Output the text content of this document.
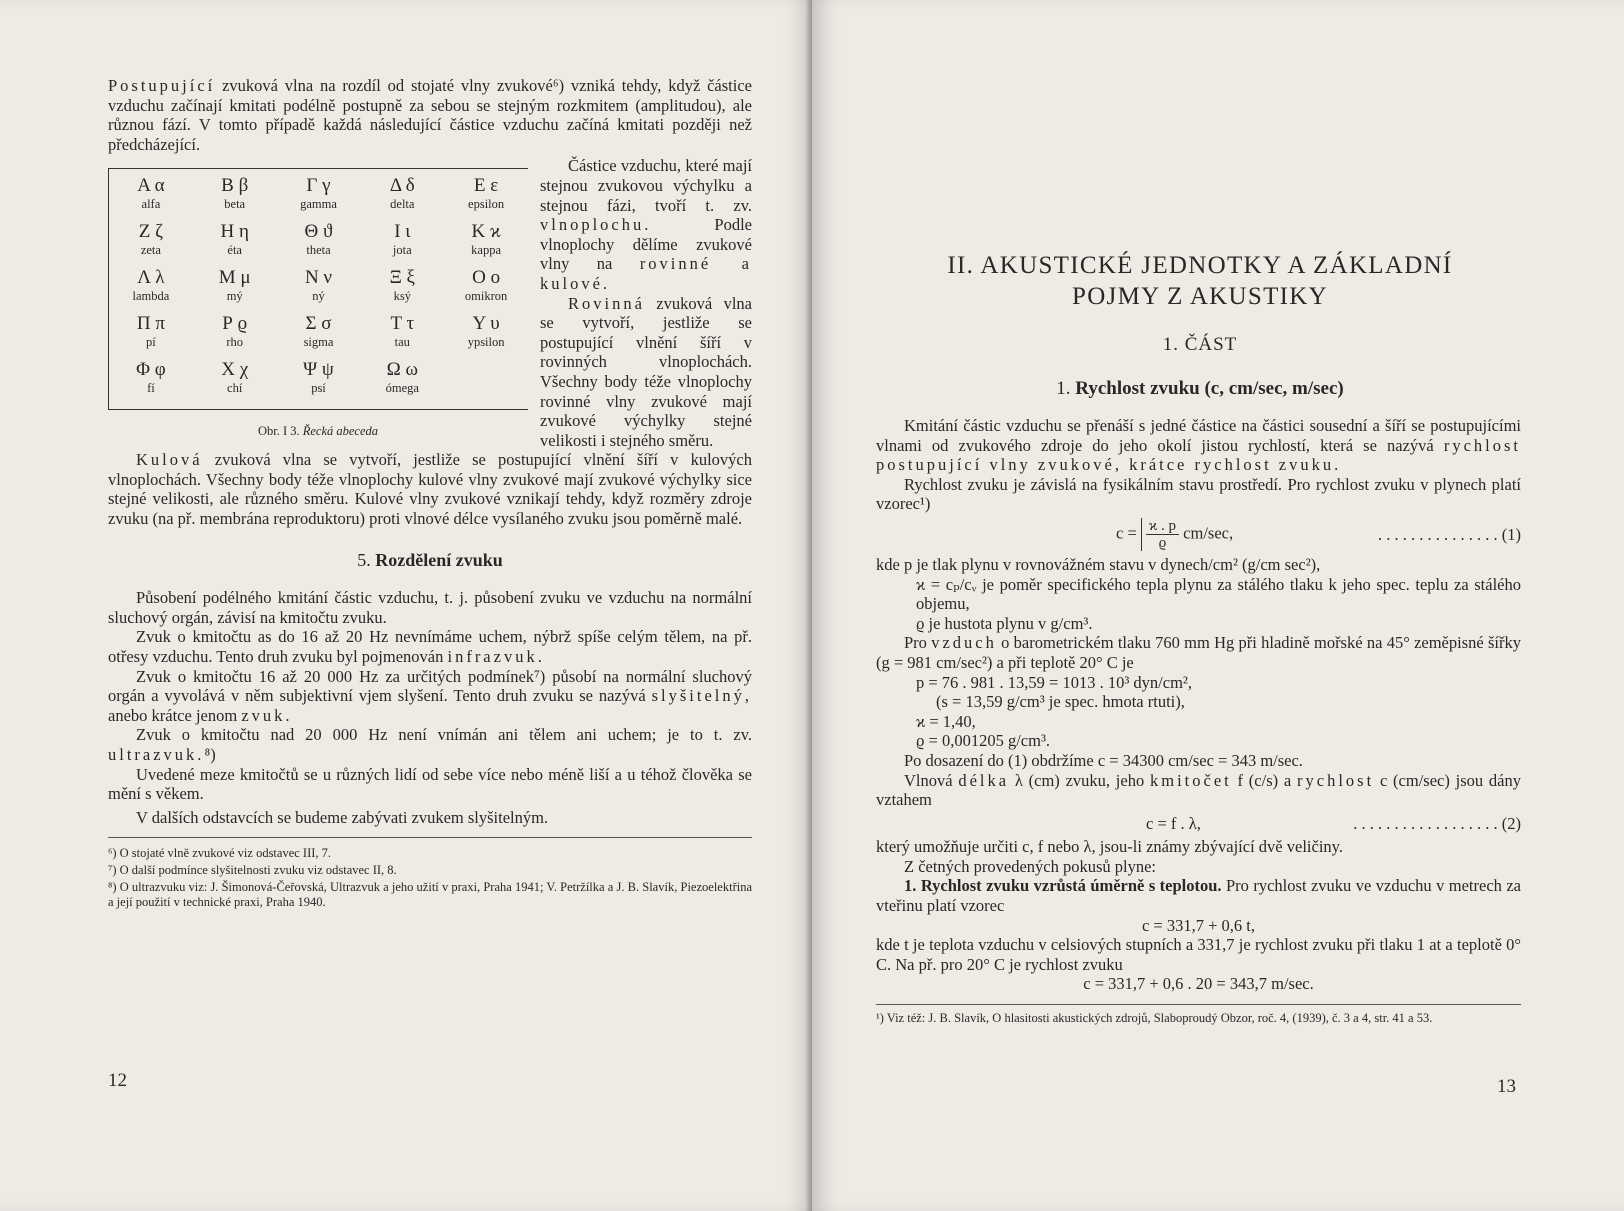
Postupující zvuková vlna na rozdíl od stojaté vlny zvukové⁶) vzniká tehdy, když částice vzduchu začínají kmitati podélně postupně za sebou se stejným rozkmitem (amplitudou), ale různou fází. V tomto případě každá následující částice vzduchu začíná kmitati později než předcházející.

Α α
alfa
Β β
beta
Γ γ
gamma
Δ δ
delta
Ε ε
epsilon
Ζ ζ
zeta
Η η
éta
Θ ϑ
theta
Ι ι
jota
Κ ϰ
kappa
Λ λ
lambda
Μ μ
mý
Ν ν
ný
Ξ ξ
ksý
Ο ο
omikron
Π π
pí
Ρ ϱ
rho
Σ σ
sigma
Τ τ
tau
Υ υ
ypsilon
Φ φ
fí
Χ χ
chí
Ψ ψ
psí
Ω ω
ómega
Obr. I 3. Řecká abeceda

Částice vzduchu, které mají stejnou zvukovou výchylku a stejnou fázi, tvoří t. zv. vlnoplochu. Podle vlnoplochy dělíme zvukové vlny na rovinné a kulové.

Rovinná zvuková vlna se vytvoří, jestliže se postupující vlnění šíří v rovinných vlnoplochách. Všechny body téže vlnoplochy rovinné vlny zvukové mají zvukové výchylky stejné velikosti i stejného směru.

Kulová zvuková vlna se vytvoří, jestliže se postupující vlnění šíří v kulových vlnoplochách. Všechny body téže vlnoplochy kulové vlny zvukové mají zvukové výchylky sice stejné velikosti, ale různého směru. Kulové vlny zvukové vznikají tehdy, když rozměry zdroje zvuku (na př. membrána reproduktoru) proti vlnové délce vysílaného zvuku jsou poměrně malé.

5. Rozdělení zvuku

Působení podélného kmitání částic vzduchu, t. j. působení zvuku ve vzduchu na normální sluchový orgán, závisí na kmitočtu zvuku.

Zvuk o kmitočtu as do 16 až 20 Hz nevnímáme uchem, nýbrž spíše celým tělem, na př. otřesy vzduchu. Tento druh zvuku byl pojmenován infrazvuk.

Zvuk o kmitočtu 16 až 20 000 Hz za určitých podmínek⁷) působí na normální sluchový orgán a vyvolává v něm subjektivní vjem slyšení. Tento druh zvuku se nazývá slyšitelný, anebo krátce jenom zvuk.

Zvuk o kmitočtu nad 20 000 Hz není vnímán ani tělem ani uchem; je to t. zv. ultrazvuk.⁸)

Uvedené meze kmitočtů se u různých lidí od sebe více nebo méně liší a u téhož člověka se mění s věkem.

V dalších odstavcích se budeme zabývati zvukem slyšitelným.

⁶) O stojaté vlně zvukové viz odstavec III, 7.

⁷) O další podmínce slyšitelnosti zvuku viz odstavec II, 8.

⁸) O ultrazvuku viz: J. Šimonová-Čeřovská, Ultrazvuk a jeho užití v praxi, Praha 1941; V. Petržílka a J. B. Slavík, Piezoelektřina a její použití v technické praxi, Praha 1940.

12
II. AKUSTICKÉ JEDNOTKY A ZÁKLADNÍ
POJMY Z AKUSTIKY
1. ČÁST
1. Rychlost zvuku (c, cm/sec, m/sec)

Kmitání částic vzduchu se přenáší s jedné částice na částici sousední a šíří se postupujícími vlnami od zvukového zdroje do jeho okolí jistou rychlostí, která se nazývá rychlost postupující vlny zvukové, krátce rychlost zvuku.

Rychlost zvuku je závislá na fysikálním stavu prostředí. Pro rychlost zvuku v plynech platí vzorec¹)

$c = \frac{ϰ . p}{ϱ} cm/\sec$,	. . . . . . . . . . . . . . . (1)

kde p je tlak plynu v rovnovážném stavu v dynech/cm² (g/cm sec²),

ϰ = cₚ/cᵥ je poměr specifického tepla plynu za stálého tlaku k jeho spec. teplu za stálého objemu,

ϱ je hustota plynu v g/cm³.

Pro vzduch o barometrickém tlaku 760 mm Hg při hladině mořské na 45° zeměpisné šířky (g = 981 cm/sec²) a při teplotě 20° C je

p = 76 . 981 . 13,59 = 1013 . 10³ dyn/cm²,

(s = 13,59 g/cm³ je spec. hmota rtuti),

ϰ = 1,40,

ϱ = 0,001205 g/cm³.

Po dosazení do (1) obdržíme c = 34300 cm/sec = 343 m/sec.

Vlnová délka λ (cm) zvuku, jeho kmitočet f (c/s) a rychlost c (cm/sec) jsou dány vztahem

c = f . λ,	. . . . . . . . . . . . . . . . . . (2)

který umožňuje určiti c, f nebo λ, jsou-li známy zbývající dvě veličiny.

Z četných provedených pokusů plyne:

1. Rychlost zvuku vzrůstá úměrně s teplotou. Pro rychlost zvuku ve vzduchu v metrech za vteřinu platí vzorec

c = 331,7 + 0,6 t,

kde t je teplota vzduchu v celsiových stupních a 331,7 je rychlost zvuku při tlaku 1 at a teplotě 0° C. Na př. pro 20° C je rychlost zvuku

c = 331,7 + 0,6 . 20 = 343,7 m/sec.

¹) Viz též: J. B. Slavík, O hlasitosti akustických zdrojů, Slaboproudý Obzor, roč. 4, (1939), č. 3 a 4, str. 41 a 53.

13
